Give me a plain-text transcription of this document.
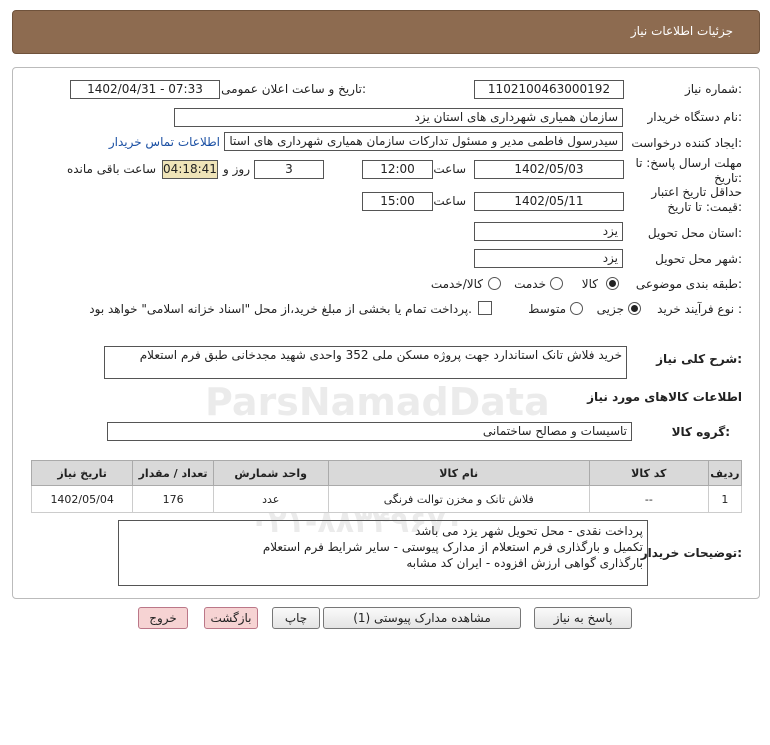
جزئیات اطلاعات نیاز
شماره نیاز:
1102100463000192
تاریخ و ساعت اعلان عمومی:
1402/04/31 - 07:33
نام دستگاه خریدار:
سازمان همیاری شهرداری های استان یزد
ایجاد کننده درخواست:
سیدرسول فاطمی مدیر و مسئول تدارکات سازمان همیاری شهرداری های استا
اطلاعات تماس خریدار
مهلت ارسال پاسخ: تا تاریخ:
1402/05/03
ساعت
12:00
روز و	3
04:18:41
ساعت باقی مانده
حداقل تاریخ اعتبار قیمت: تا تاریخ:
1402/05/11
ساعت
15:00
استان محل تحویل:
یزد
شهر محل تحویل:
یزد
طبقه بندی موضوعی:
کالا
خدمت
کالا/خدمت
نوع فرآیند خرید :
جزیی
متوسط
پرداخت تمام یا بخشی از مبلغ خرید،از محل "اسناد خزانه اسلامی" خواهد بود.
شرح کلی نیاز:
خرید فلاش تانک استاندارد جهت پروژه مسکن ملی 352 واحدی شهید مجدخانی طبق فرم استعلام
اطلاعات کالاهای مورد نیاز
گروه کالا:
تاسیسات و مصالح ساختمانی
ردیف	کد کالا	نام کالا	واحد شمارش	تعداد / مقدار	تاریخ نیاز
1	--	فلاش تانک و مخزن توالت فرنگی	عدد	176	1402/05/04
توضیحات خریدار:
پرداخت نقدی - محل تحویل شهر یزد می باشد
تکمیل و بارگذاری فرم استعلام از مدارک پیوستی - سایر شرایط فرم استعلام
بارگذاری گواهی ارزش افزوده - ایران کد مشابه
پاسخ به نیاز
مشاهده مدارک پیوستی (1)
چاپ
بازگشت
خروج
